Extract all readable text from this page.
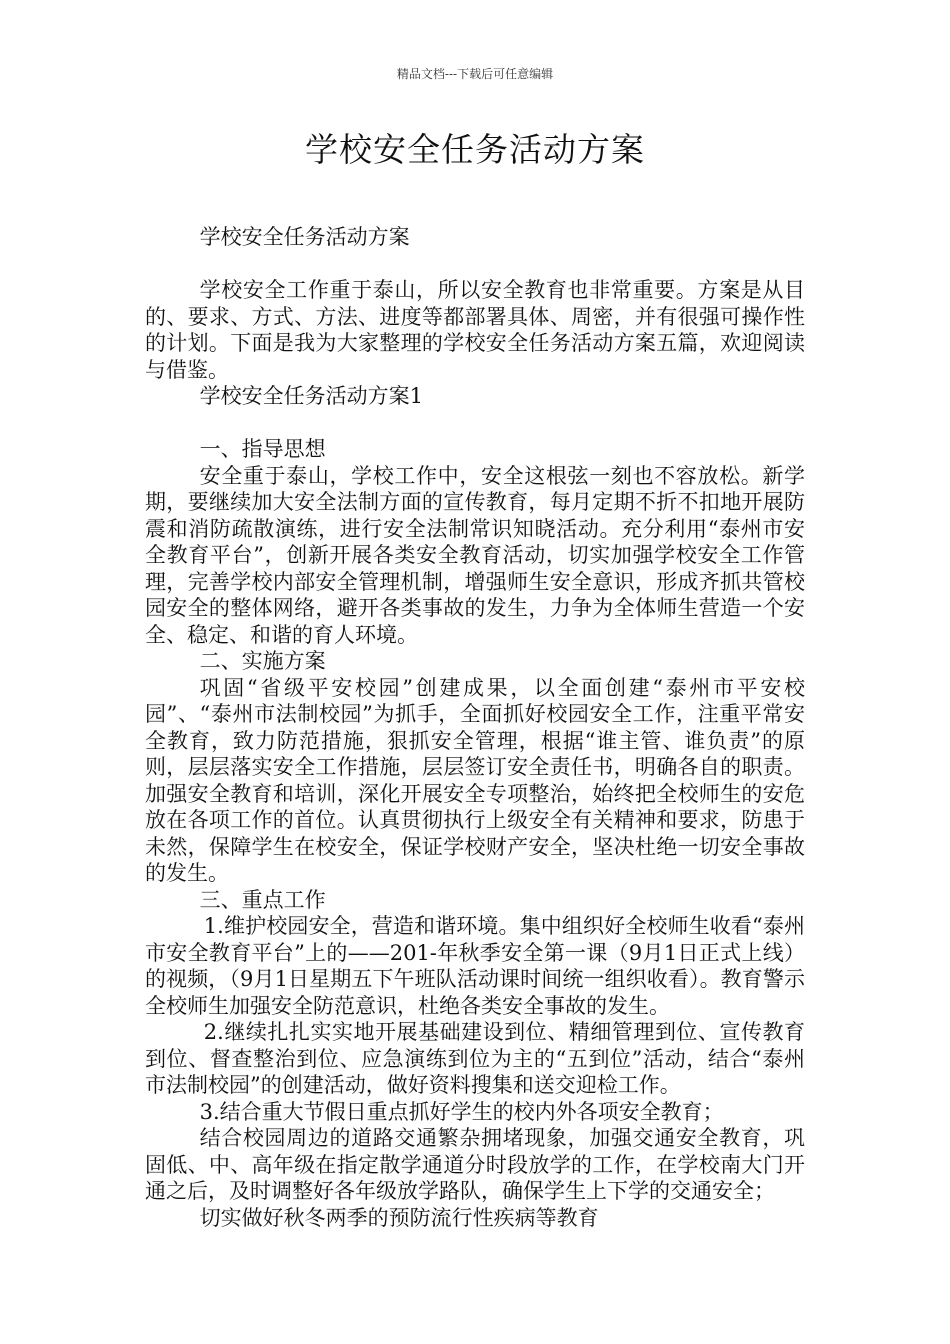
精品文档---下载后可任意编辑
学校安全任务活动方案

学校安全任务活动方案

学校安全工作重于泰山，所以安全教育也非常重要。方案是从目的、要求、方式、方法、进度等都部署具体、周密，并有很强可操作性的计划。下面是我为大家整理的学校安全任务活动方案五篇，欢迎阅读与借鉴。

学校安全任务活动方案1

一、指导思想

安全重于泰山，学校工作中，安全这根弦一刻也不容放松。新学期，要继续加大安全法制方面的宣传教育，每月定期不折不扣地开展防震和消防疏散演练，进行安全法制常识知晓活动。充分利用“泰州市安全教育平台”，创新开展各类安全教育活动，切实加强学校安全工作管理，完善学校内部安全管理机制，增强师生安全意识，形成齐抓共管校园安全的整体网络，避开各类事故的发生，力争为全体师生营造一个安全、稳定、和谐的育人环境。

二、实施方案

巩固“省级平安校园”创建成果，以全面创建“泰州市平安校园”、“泰州市法制校园”为抓手，全面抓好校园安全工作，注重平常安全教育，致力防范措施，狠抓安全管理，根据“谁主管、谁负责”的原则，层层落实安全工作措施，层层签订安全责任书，明确各自的职责。加强安全教育和培训，深化开展安全专项整治，始终把全校师生的安危放在各项工作的首位。认真贯彻执行上级安全有关精神和要求，防患于未然，保障学生在校安全，保证学校财产安全，坚决杜绝一切安全事故的发生。

三、重点工作

1.维护校园安全，营造和谐环境。集中组织好全校师生收看“泰州市安全教育平台”上的——201-年秋季安全第一课（9月1日正式上线）的视频，（9月1日星期五下午班队活动课时间统一组织收看）。教育警示全校师生加强安全防范意识，杜绝各类安全事故的发生。

2.继续扎扎实实地开展基础建设到位、精细管理到位、宣传教育到位、督查整治到位、应急演练到位为主的“五到位”活动，结合“泰州市法制校园”的创建活动，做好资料搜集和送交迎检工作。

3.结合重大节假日重点抓好学生的校内外各项安全教育；

结合校园周边的道路交通繁杂拥堵现象，加强交通安全教育，巩固低、中、高年级在指定散学通道分时段放学的工作，在学校南大门开通之后，及时调整好各年级放学路队，确保学生上下学的交通安全；

切实做好秋冬两季的预防流行性疾病等教育
